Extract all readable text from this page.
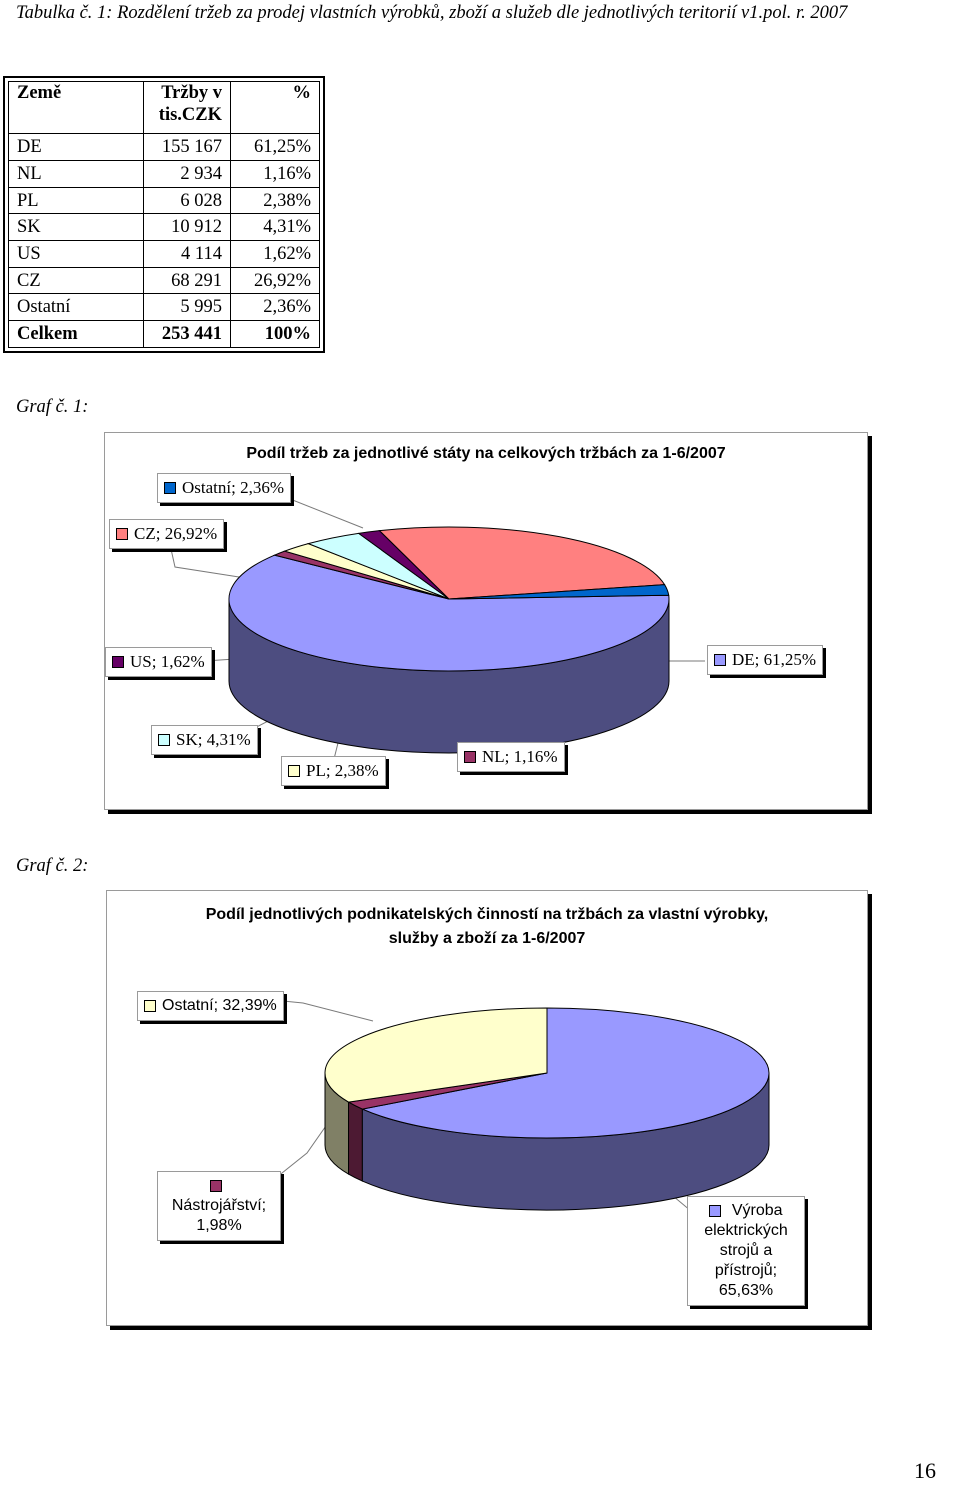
Tabulka č. 1: Rozdělení tržeb za prodej vlastních výrobků, zboží a služeb dle jednotlivých teritorií v1.pol. r. 2007
Země	Tržby v tis.CZK	%
DE	155 167	61,25%
NL	2 934	1,16%
PL	6 028	2,38%
SK	10 912	4,31%
US	4 114	1,62%
CZ	68 291	26,92%
Ostatní	5 995	2,36%
Celkem	253 441	100%
Graf č. 1:
Podíl tržeb za jednotlivé státy na celkových tržbách za 1-6/2007
Ostatní; 2,36%
CZ; 26,92%
US; 1,62%	DE; 61,25%
SK; 4,31%
PL; 2,38%
NL; 1,16%
Graf č. 2:
Podíl jednotlivých podnikatelských činností na tržbách za vlastní výrobky, služby a zboží za 1-6/2007
Ostatní; 32,39%
Nástrojářství; 1,98%
Výroba elektrických strojů a přístrojů; 65,63%
16
